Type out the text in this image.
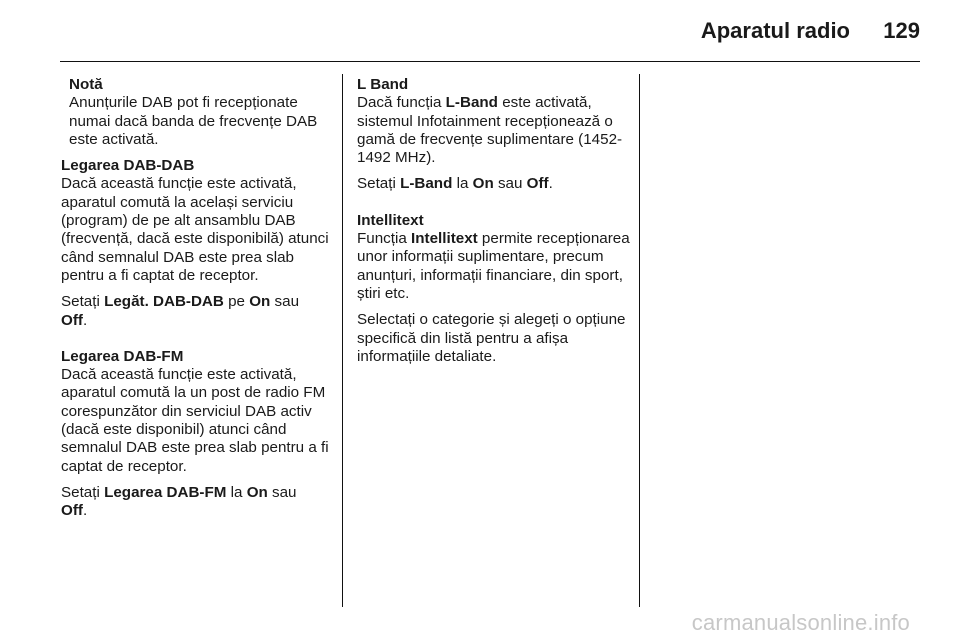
Aparatul radio 129
Notă
Anunțurile DAB pot fi recepționate numai dacă banda de frecvențe DAB este activată.
Legarea DAB-DAB

Dacă această funcție este activată, aparatul comută la același serviciu (program) de pe alt ansamblu DAB (frecvență, dacă este disponibilă) atunci când semnalul DAB este prea slab pentru a fi captat de receptor.

Setați Legăt. DAB-DAB pe On sau
Off.

Legarea DAB-FM

Dacă această funcție este activată, aparatul comută la un post de radio FM corespunzător din serviciul DAB activ (dacă este disponibil) atunci când semnalul DAB este prea slab pentru a fi captat de receptor.

Setați Legarea DAB-FM la On sau
Off.

L Band

Dacă funcția L-Band este activată, sistemul Infotainment recepționează o gamă de frecvențe suplimentare (1452-1492 MHz).

Setați L-Band la On sau Off.

Intellitext

Funcția Intellitext permite recepționarea unor informații suplimentare, precum anunțuri, informații financiare, din sport, știri etc.

Selectați o categorie și alegeți o opțiune specifică din listă pentru a afișa informațiile detaliate.

carmanualsonline.info
